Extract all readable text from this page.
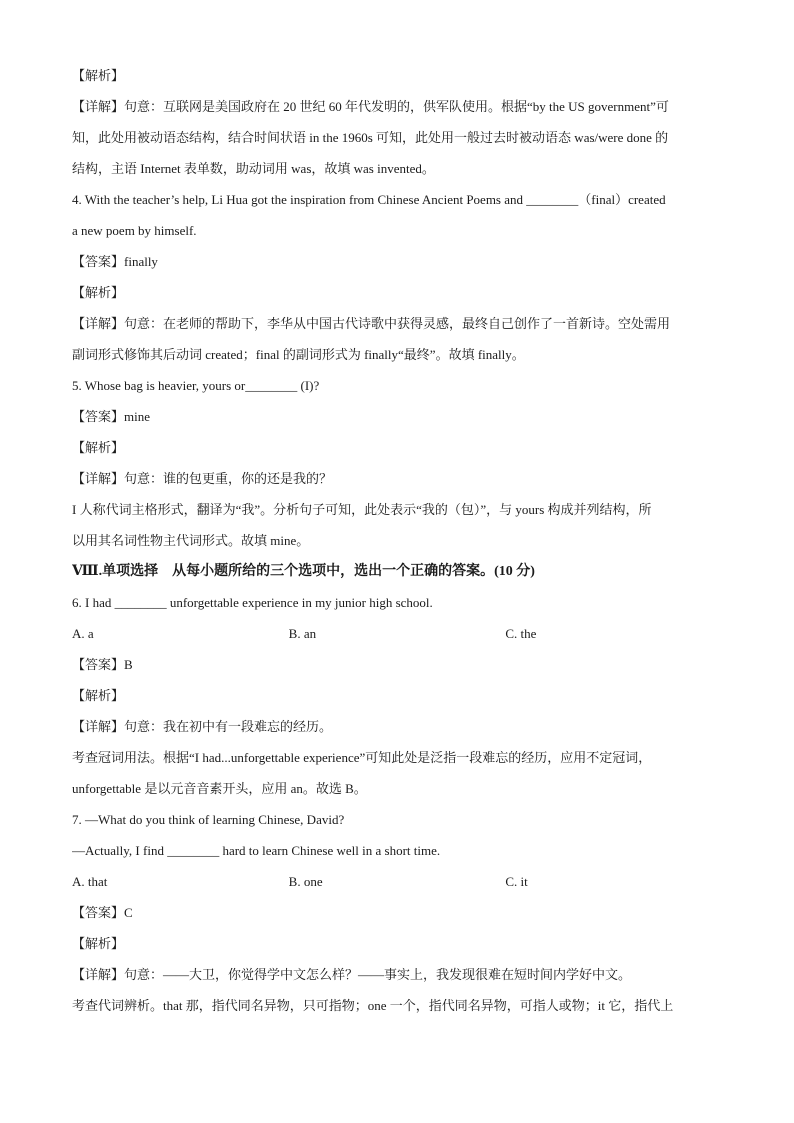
【解析】
【详解】句意：互联网是美国政府在 20 世纪 60 年代发明的，供军队使用。根据“by the US government”可
知，此处用被动语态结构，结合时间状语 in the 1960s 可知，此处用一般过去时被动语态 was/were done 的
结构，主语 Internet 表单数，助动词用 was，故填 was invented。
4. With the teacher’s help, Li Hua got the inspiration from Chinese Ancient Poems and ________（final）created
a new poem by himself.
【答案】finally
【解析】
【详解】句意：在老师的帮助下，李华从中国古代诗歌中获得灵感，最终自己创作了一首新诗。空处需用
副词形式修饰其后动词 created；final 的副词形式为 finally“最终”。故填 finally。
5. Whose bag is heavier, yours or________ (I)?
【答案】mine
【解析】
【详解】句意：谁的包更重，你的还是我的？
I 人称代词主格形式，翻译为“我”。分析句子可知，此处表示“我的（包）”，与 yours 构成并列结构，所
以用其名词性物主代词形式。故填 mine。
Ⅷ.单项选择　从每小题所给的三个选项中，选出一个正确的答案。(10 分)
6. I had ________ unforgettable experience in my junior high school.
A. a	B. an	C. the
【答案】B
【解析】
【详解】句意：我在初中有一段难忘的经历。
考查冠词用法。根据“I had...unforgettable experience”可知此处是泛指一段难忘的经历，应用不定冠词，
unforgettable 是以元音音素开头，应用 an。故选 B。
7. —What do you think of learning Chinese, David?
—Actually, I find ________ hard to learn Chinese well in a short time.
A. that	B. one	C. it
【答案】C
【解析】
【详解】句意：——大卫，你觉得学中文怎么样？——事实上，我发现很难在短时间内学好中文。
考查代词辨析。that 那，指代同名异物，只可指物；one 一个，指代同名异物，可指人或物；it 它，指代上
